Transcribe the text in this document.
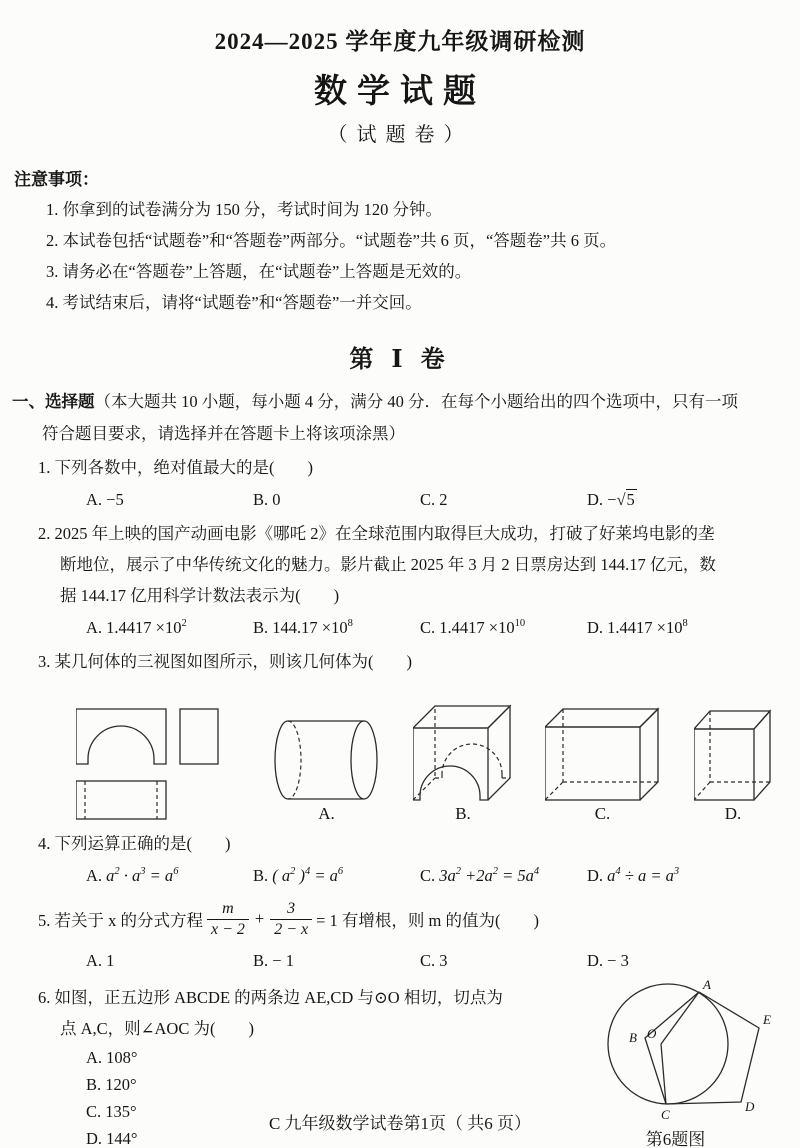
2024—2025 学年度九年级调研检测
数学试题
（试题卷）
注意事项：
1. 你拿到的试卷满分为 150 分，考试时间为 120 分钟。
2. 本试卷包括“试题卷”和“答题卷”两部分。“试题卷”共 6 页，“答题卷”共 6 页。
3. 请务必在“答题卷”上答题，在“试题卷”上答题是无效的。
4. 考试结束后，请将“试题卷”和“答题卷”一并交回。
第 Ⅰ 卷
一、选择题（本大题共 10 小题，每小题 4 分，满分 40 分．在每个小题给出的四个选项中，只有一项
符合题目要求，请选择并在答题卡上将该项涂黑）
1. 下列各数中，绝对值最大的是(　　)
A. −5	B. 0	C. 2	D. −√5
2. 2025 年上映的国产动画电影《哪吒 2》在全球范围内取得巨大成功，打破了好莱坞电影的垄
断地位，展示了中华传统文化的魅力。影片截止 2025 年 3 月 2 日票房达到 144.17 亿元，数
据 144.17 亿用科学计数法表示为(　　)
A. $1.4417 \times 10^2$	B. $144.17 \times 10^8$	C. $1.4417 \times 10^{10}$	D. $1.4417 \times 10^8$
3. 某几何体的三视图如图所示，则该几何体为(　　)
A.	B.	C.	D.
4. 下列运算正确的是(　　)
A. $a^2 \cdot a^3 = a^6$	B. ( $a^2$ )$^4 = a^6$	C. $3a^2 +2a^2 = 5a^4$	D. $a^4 \div a = a^3$
5. 若关于 x 的分式方程 $\frac{m}{x - 2} + \frac{3}{2 - x} = 1$ 有增根，则 m 的值为(　　)
A. 1	B. − 1	C. 3	D. − 3
6. 如图，正五边形 ABCDE 的两条边 AE,CD 与⊙O 相切，切点为
点 A,C，则∠AOC 为(　　)
A. 108°
B. 120°
C. 135°
D. 144°
A
B O
C
D
E
第6题图
C 九年级数学试卷第1页（ 共6 页）
